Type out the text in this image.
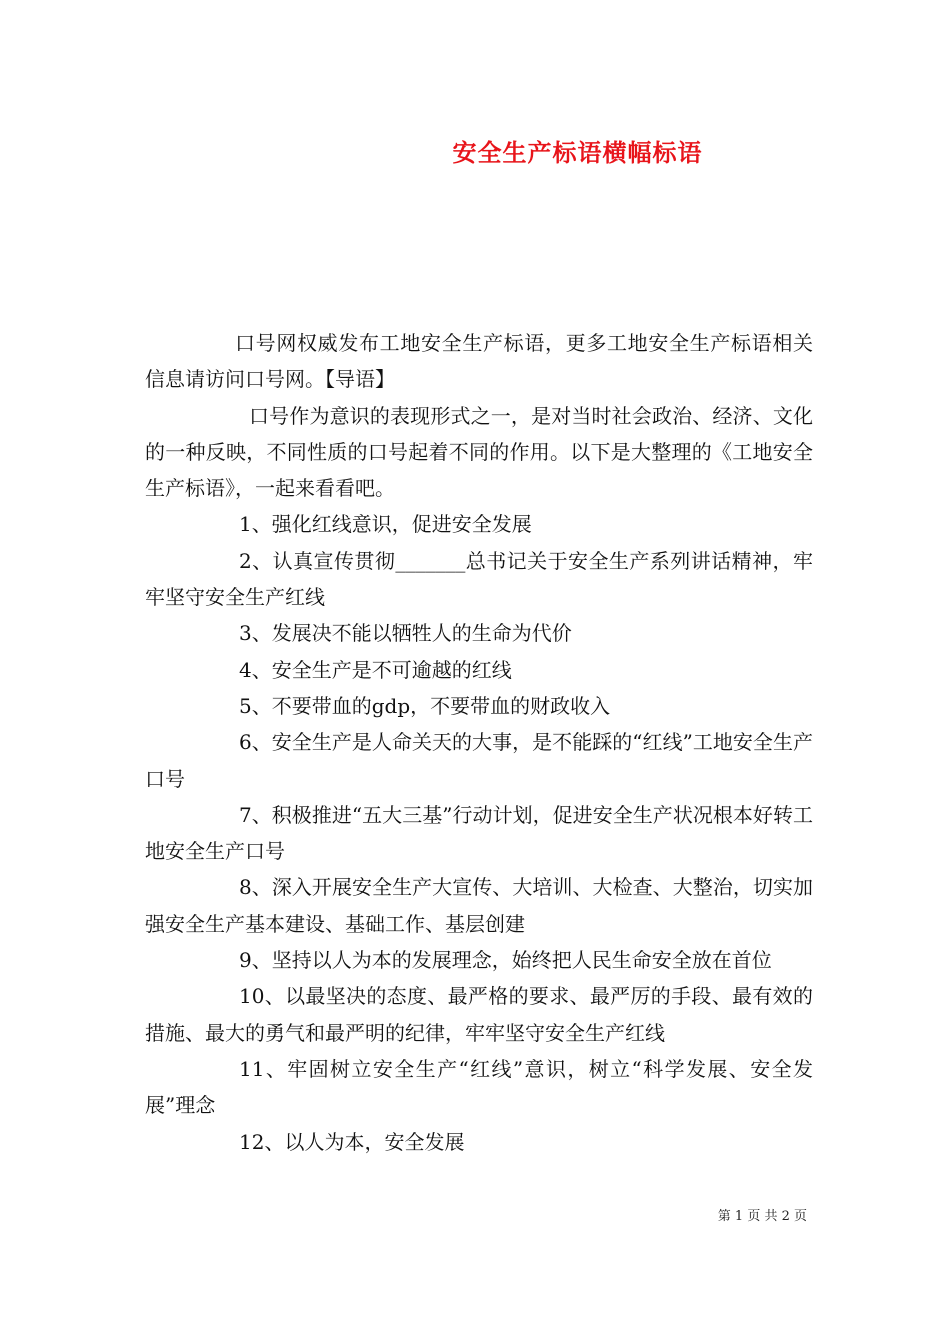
安全生产标语横幅标语

口号网权威发布工地安全生产标语，更多工地安全生产标语相关信息请访问口号网。【导语】

口号作为意识的表现形式之一，是对当时社会政治、经济、文化的一种反映，不同性质的口号起着不同的作用。以下是大整理的《工地安全生产标语》，一起来看看吧。

1、强化红线意识，促进安全发展

2、认真宣传贯彻_______总书记关于安全生产系列讲话精神，牢牢坚守安全生产红线

3、发展决不能以牺牲人的生命为代价

4、安全生产是不可逾越的红线

5、不要带血的gdp，不要带血的财政收入

6、安全生产是人命关天的大事，是不能踩的“红线”工地安全生产口号

7、积极推进“五大三基”行动计划，促进安全生产状况根本好转工地安全生产口号

8、深入开展安全生产大宣传、大培训、大检查、大整治，切实加强安全生产基本建设、基础工作、基层创建

9、坚持以人为本的发展理念，始终把人民生命安全放在首位

10、以最坚决的态度、最严格的要求、最严厉的手段、最有效的措施、最大的勇气和最严明的纪律，牢牢坚守安全生产红线

11、牢固树立安全生产“红线”意识，树立“科学发展、安全发展”理念

12、以人为本，安全发展

第 1 页 共 2 页
